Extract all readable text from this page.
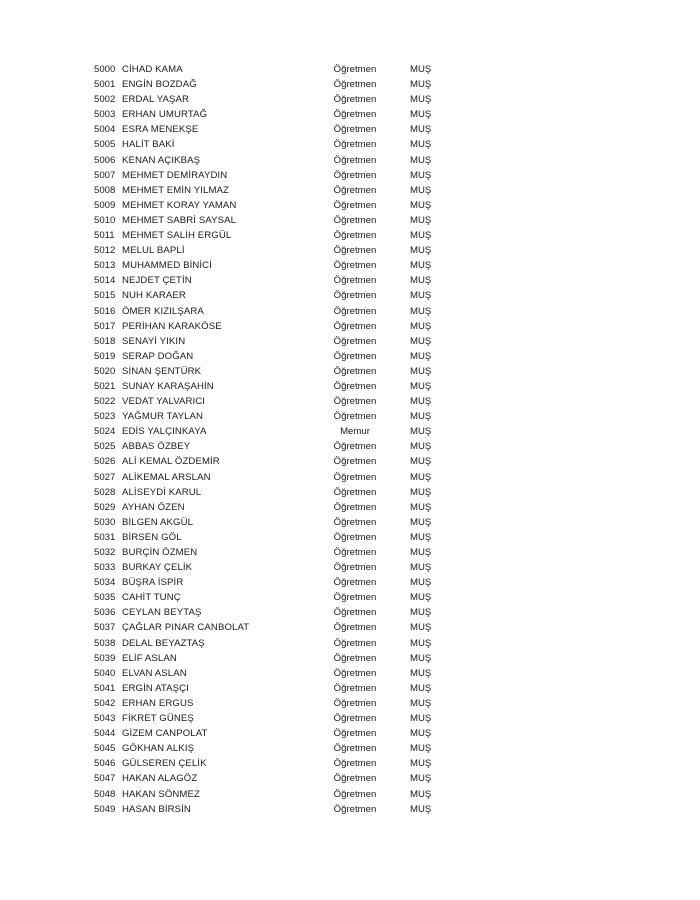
5000 CİHAD KAMA	Öğretmen	MUŞ
5001 ENGİN BOZDAĞ	Öğretmen	MUŞ
5002 ERDAL YAŞAR	Öğretmen	MUŞ
5003 ERHAN UMURTAĞ	Öğretmen	MUŞ
5004 ESRA MENEKŞE	Öğretmen	MUŞ
5005 HALİT BAKİ	Öğretmen	MUŞ
5006 KENAN AÇIKBAŞ	Öğretmen	MUŞ
5007 MEHMET DEMİRAYDIN	Öğretmen	MUŞ
5008 MEHMET EMİN YILMAZ	Öğretmen	MUŞ
5009 MEHMET KORAY YAMAN	Öğretmen	MUŞ
5010 MEHMET SABRİ SAYSAL	Öğretmen	MUŞ
5011 MEHMET SALİH ERGÜL	Öğretmen	MUŞ
5012 MELUL BAPLİ	Öğretmen	MUŞ
5013 MUHAMMED BİNİCİ	Öğretmen	MUŞ
5014 NEJDET ÇETİN	Öğretmen	MUŞ
5015 NUH KARAER	Öğretmen	MUŞ
5016 ÖMER KIZILŞARA	Öğretmen	MUŞ
5017 PERİHAN KARAKÖSE	Öğretmen	MUŞ
5018 SENAYİ YIKIN	Öğretmen	MUŞ
5019 SERAP DOĞAN	Öğretmen	MUŞ
5020 SİNAN ŞENTÜRK	Öğretmen	MUŞ
5021 SUNAY KARAŞAHİN	Öğretmen	MUŞ
5022 VEDAT YALVARICI	Öğretmen	MUŞ
5023 YAĞMUR TAYLAN	Öğretmen	MUŞ
5024 EDİS YALÇINKAYA	Memur	MUŞ
5025 ABBAS ÖZBEY	Öğretmen	MUŞ
5026 ALİ KEMAL ÖZDEMİR	Öğretmen	MUŞ
5027 ALİKEMAL ARSLAN	Öğretmen	MUŞ
5028 ALİSEYDİ KARUL	Öğretmen	MUŞ
5029 AYHAN ÖZEN	Öğretmen	MUŞ
5030 BİLGEN AKGÜL	Öğretmen	MUŞ
5031 BİRSEN GÖL	Öğretmen	MUŞ
5032 BURÇİN ÖZMEN	Öğretmen	MUŞ
5033 BURKAY ÇELİK	Öğretmen	MUŞ
5034 BÜŞRA İSPİR	Öğretmen	MUŞ
5035 CAHİT TUNÇ	Öğretmen	MUŞ
5036 CEYLAN BEYTAŞ	Öğretmen	MUŞ
5037 ÇAĞLAR PINAR CANBOLAT	Öğretmen	MUŞ
5038 DELAL BEYAZTAŞ	Öğretmen	MUŞ
5039 ELİF ASLAN	Öğretmen	MUŞ
5040 ELVAN ASLAN	Öğretmen	MUŞ
5041 ERGİN ATAŞÇI	Öğretmen	MUŞ
5042 ERHAN ERGUS	Öğretmen	MUŞ
5043 FİKRET GÜNEŞ	Öğretmen	MUŞ
5044 GİZEM CANPOLAT	Öğretmen	MUŞ
5045 GÖKHAN ALKIŞ	Öğretmen	MUŞ
5046 GÜLSEREN ÇELİK	Öğretmen	MUŞ
5047 HAKAN ALAGÖZ	Öğretmen	MUŞ
5048 HAKAN SÖNMEZ	Öğretmen	MUŞ
5049 HASAN BİRSİN	Öğretmen	MUŞ
